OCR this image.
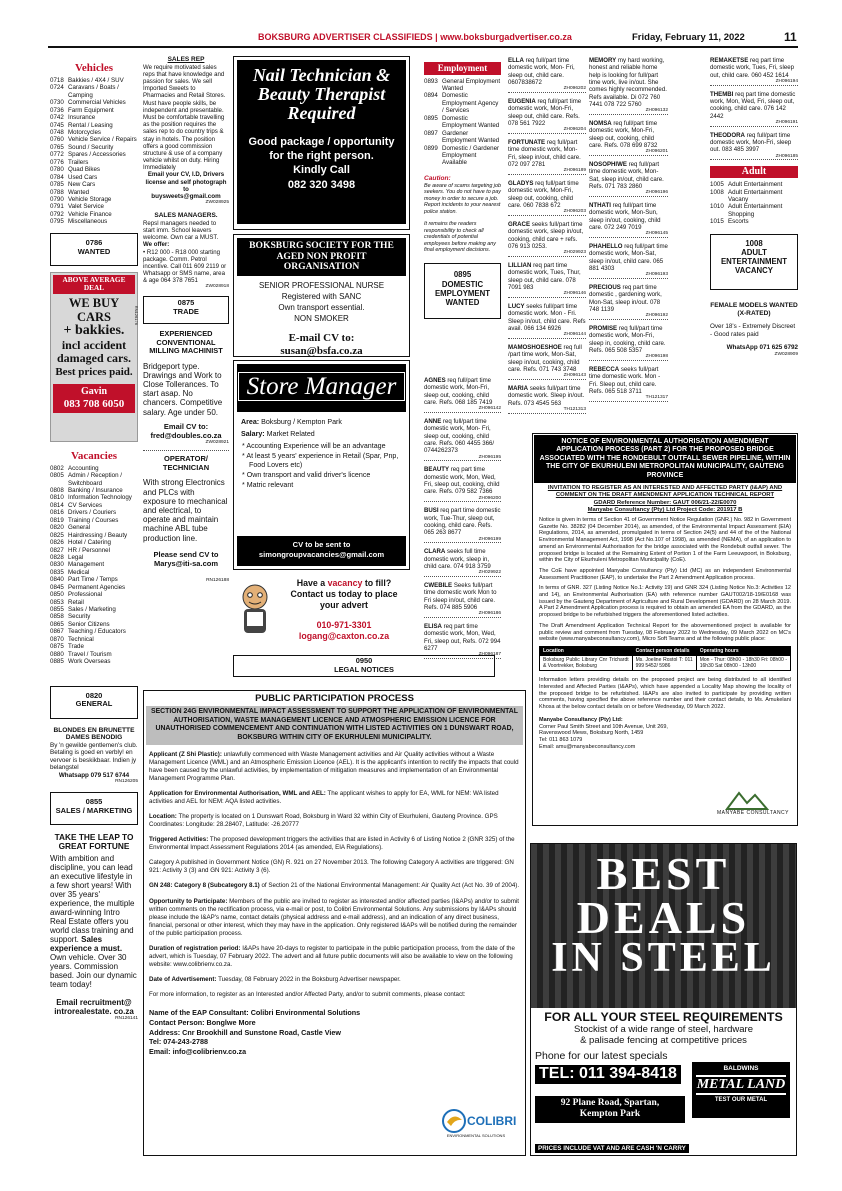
BOKSBURG ADVERTISER CLASSIFIEDS | www.boksburgadvertiser.co.za	Friday, February 11, 2022	11
Vehicles
0718 Bakkies / 4X4 / SUV
0724 Caravans / Boats / Camping
0730 Commercial Vehicles
0736 Farm Equipment
0742 Insurance
0745 Rental / Leasing
0748 Motorcycles
0760 Vehicle Service / Repairs
0765 Sound / Security
0772 Spares / Accessories
0776 Trailers
0780 Quad Bikes
0784 Used Cars
0785 New Cars
0788 Wanted
0790 Vehicle Storage
0791 Valet Service
0792 Vehicle Finance
0795 Miscellaneous
0786
WANTED
ABOVE AVERAGE DEAL
WE BUY CARS
+ bakkies.
incl accident
damaged cars.
Best prices paid.
Gavin
083 708 6050
RN126176
Vacancies
0802 Accounting
0805 Admin / Reception / Switchboard
0808 Banking / Insurance
0810 Information Technology
0814 CV Services
0816 Drivers / Couriers
0819 Training / Courses
0820 General
0825 Hairdressing / Beauty
0826 Hotel / Catering
0827 HR / Personnel
0828 Legal
0830 Management
0835 Medical
0840 Part Time / Temps
0845 Permanent Agencies
0850 Professional
0853 Retail
0855 Sales / Marketing
0858 Security
0865 Senior Citizens
0867 Teaching / Educators
0870 Technical
0875 Trade
0880 Travel / Tourism
0885 Work Overseas
0820
GENERAL
BLONDES EN BRUNETTE DAMES BENODIG
By 'n gewilde gentlemen's club. Betaling is goed en verbly! en vervoer is beskikbaar. Indien jy belangstel
Whatsapp 079 517 6744
RN126205
0855
SALES / MARKETING
TAKE THE LEAP TO GREAT FORTUNE
With ambition and discipline, you can lead an executive lifestyle in a few short years! With over 35 years' experience, the multiple award-winning Intro Real Estate offers you world class training and support. Sales experience a must. Own vehicle. Over 30 years. Commission based. Join our dynamic team today!
Email recruitment@ introrealestate. co.za
RN126141
SALES REP
We require motivated sales reps that have knowledge and passion for sales. We sell Imported Sweets to Pharmacies and Retail Stores. Must have people skills, be independent and presentable. Must be comfortable travelling as the position requires the sales rep to do country trips & stay in hotels. The position offers a good commission structure & use of a company vehicle whilst on duty. Hiring Immediately
Email your CV, I.D, Drivers license and self photograph to
buysweets@gmail.com
ZW028925
SALES MANAGERS.
Repsl managers needed to start imm. School leavers welcome. Own car a MUST.
We offer:
• R12 000 - R18 000 starting package. Comm. Petrol incentive. Call 011 609 2119 or Whatsapp or SMS name, area & age 064 378 7651
ZW028918
0875
TRADE
EXPERIENCED CONVENTIONAL MILLING MACHINIST
Bridgeport type. Drawings and Work to Close Tollerances. To start asap. No chancers. Competitive salary. Age under 50.
Email CV to:
fred@doubles.co.za
ZW028921
OPERATOR/ TECHNICIAN
With strong Electronics and PLCs with exposure to mechanical and electrical, to operate and maintain machine ABL tube production line.
Please send CV to
Marys@iti-sa.com
RN126188
Nail Technician & Beauty Therapist Required
Good package / opportunity
for the right person.
Kindly Call
082 320 3498
BOKSBURG SOCIETY FOR THE AGED NON PROFIT ORGANISATION
SENIOR PROFESSIONAL NURSE
Registered with SANC
Own transport essential.
NON SMOKER
E-mail CV to:
susan@bsfa.co.za
Store Manager
Area: Boksburg / Kempton Park
Salary: Market Related
* Accounting Experience will be an advantage
* At least 5 years' experience in Retail (Spar, Pnp, Food Lovers etc)
* Own transport and valid driver's licence
* Matric relevant
CV to be sent to
simongroupvacancies@gmail.com
Have a vacancy to fill?
Contact us today to place
your advert
010-971-3301
logang@caxton.co.za
Employment
0893 General Employment Wanted
0894 Domestic Employment Agency / Services
0895 Domestic Employment Wanted
0897 Gardener Employment Wanted
0899 Domestic / Gardener Employment Available
Caution:
Be aware of scams targeting job seekers. You do not have to pay money in order to secure a job. Report incidents to your nearest police station.
It remains the readers responsibility to check all credentials of potential employees before making any final employment decisions.
0895
DOMESTIC EMPLOYMENT WANTED
AGNES req full/part time domestic work, Mon-Fri, sleep out, cooking, child care. Refs. 068 185 7419
ZH096142
ANNE req full/part time domestic work, Mon- Fri, sleep out, cooking, child care. Refs. 060 4455 366/ 0744262373
ZH096195
BEAUTY req part time domestic work, Mon, Wed, Fri, sleep out, cooking, child care. Refs. 079 582 7366
ZH096200
BUSI req part time domestic work, Tue-Thur, sleep out, cooking, child care. Refs. 065 263 8677
ZH096199
CLARA seeks full time domestic work, sleep in, child care. 074 918 3759
ZH029922
CWEBILE Seeks full/part time domestic work Mon to Fri sleep in/out, child care. Refs. 074 885 5906
ZH096186
ELISA req part time domestic work, Mon, Wed, Fri, sleep out, Refs. 072 994 6277
ZH096187
ELLA req full/part time domestic work, Mon- Fri, sleep out, child care. 0607838672
ZH096202
EUGENIA req full/part time domestic work, Mon-Fri, sleep out, child care. Refs. 078 561 7922
ZH096204
FORTUNATE req full/part time domestic work, Mon-Fri, sleep in/out, child care. 072 097 2781
ZH096189
GLADYS req full/part time domestic work, Mon-Fri, sleep out, cooking, child care. 060 7838 672
ZH096203
GRACE seeks full/part time domestic work, sleep in/out, cooking, child care + refs. 076 913 0253.
ZH029923
LILLIAN req part time domestic work, Tues, Thur, sleep out, child care. 078 7091 983
ZH096146
LUCY seeks full/part time domestic work. Mon - Fri. Sleep in/out, child care. Refs avail. 066 134 6926
ZH096144
MAMOSHOESHOE req full /part time work, Mon-Sat, sleep in/out, cooking, child care. Refs. 071 743 3748
ZH096143
MARIA seeks full/part time domestic work. Sleep in/out. Refs. 073 4545 563
TH121313
MEMORY my hard working, honest and reliable home help is looking for full/part time work, live in/out. She comes highly recommended. Refs available. Di 072 760 7441 078 722 5760
ZH096132
NOMSA req full/part time domestic work, Mon-Fri, sleep out, cooking, child care. Refs. 078 699 8732
ZH096201
NOSOPHIWE req full/part time domestic work, Mon-Sat, sleep in/out, child care. Refs. 071 783 2860
ZH096196
NTHATI req full/part time domestic work, Mon-Sun, sleep in/out, cooking, child care. 072 249 7019
ZH096145
PHAHELLO req full/part time domestic work, Mon-Sat, sleep in/out, child care. 065 881 4303
ZH096193
PRECIOUS req part time domestic , gardening work, Mon-Sat, sleep in/out. 078 748 1139
ZH096192
PROMISE req full/part time domestic work, Mon-Fri, sleep in, cooking, child care. Refs. 065 508 5357
ZH096198
REBECCA seeks full/part time domestic work. Mon - Fri. Sleep out, child care. Refs. 065 518 3711
TH121317
REMAKETSE req part time domestic work, Tues, Fri, sleep out, child care. 060 452 1614
ZH096194
THEMBI req part time domestic work, Mon, Wed, Fri, sleep out, cooking, child care. 076 142 2442
ZH096191
THEODORA req full/part time domestic work, Mon-Fri, sleep out. 083 485 3997
ZH096185
Adult
1005 Adult Entertainment
1008 Adult Entertainment Vacany
1010 Adult Entertainment Shopping
1015 Escorts
1008
ADULT ENTERTAINMENT VACANCY
FEMALE MODELS WANTED (X-RATED)
Over 18's - Extremely Discreet - Good rates paid
WhatsApp 071 625 6792
ZW028909
0950
LEGAL NOTICES
PUBLIC PARTICIPATION PROCESS
SECTION 24G ENVIRONMENTAL IMPACT ASSESSMENT TO SUPPORT THE APPLICATION OF ENVIRONMENTAL AUTHORISATION, WASTE MANAGEMENT LICENCE AND ATMOSPHERIC EMISSION LICENCE FOR UNAUTHORISED COMMENCEMENT AND CONTINUATION WITH LISTED ACTIVITIES ON 1 DUNSWART ROAD, BOKSBURG WITHIN CITY OF EKURHULENI MUNICIPALITY.
Applicant (Z Shi Plastic): unlawfully commenced with Waste Management activities and Air Quality activities without a Waste Management Licence (WML) and an Atmospheric Emission Licence (AEL). It is the applicant's intention to rectify the impacts that could have been caused by the unlawful activities, by implementation of mitigation measures and implementation of an Environmental Management Programme Plan.
Application for Environmental Authorisation, WML and AEL: The applicant wishes to apply for EA, WML for NEM: WA listed activities and AEL for NEM: AQA listed activities.
Location: The property is located on 1 Dunswart Road, Boksburg in Ward 32 within City of Ekurhuleni, Gauteng Province. GPS Coordinates: Longitude: 28.28407, Latitude: -26.20777
Triggered Activities: The proposed development triggers the activities that are listed in Activity 6 of Listing Notice 2 (GNR 325) of the Environmental Impact Assessment Regulations 2014 (as amended, EIA Regulations).
Category A published in Government Notice (GN) R. 921 on 27 November 2013. The following Category A activities are triggered: GN 921: Activity 3 (3) and GN 921: Activity 3 (6).
GN 248: Category 8 (Subcategory 8.1) of Section 21 of the National Environmental Management: Air Quality Act (Act No. 39 of 2004).
Opportunity to Participate: Members of the public are invited to register as interested and/or affected parties (I&APs) and/or to submit written comments on the rectification process, via e-mail or post, to Colibri Environmental Solutions. Any submissions by I&APs should please include the I&AP's name, contact details (physical address and e-mail address), and an indication of any direct business, financial, personal or other interest, which they may have in the application. Only registered I&APs will be notified during the remainder of the public participation process.
Duration of registration period: I&APs have 20-days to register to participate in the public participation process, from the date of the advert, which is Tuesday, 07 February 2022. The advert and all future public documents will also be available to view on the following website: www.colibrienv.co.za.
Date of Advertisement: Tuesday, 08 February 2022 in the Boksburg Advertiser newspaper.
For more information, to register as an Interested and/or Affected Party, and/or to submit comments, please contact:
Name of the EAP Consultant: Colibri Environmental Solutions
Contact Person: Bonglwe More
Address: Cnr Brookhill and Sunstone Road, Castle View
Tel: 074-243-2788
Email: info@colibrienv.co.za
COLIBRI
ENVIRONMENTAL SOLUTIONS
NOTICE OF ENVIRONMENTAL AUTHORISATION AMENDMENT APPLICATION PROCESS (PART 2) FOR THE PROPOSED BRIDGE ASSOCIATED WITH THE RONDEBULT OUTFALL SEWER PIPELINE, WITHIN THE CITY OF EKURHULENI METROPOLITAN MUNICIPALITY, GAUTENG PROVINCE
INVITATION TO REGISTER AS AN INTERESTED AND AFFECTED PARTY (I&AP) AND COMMENT ON THE DRAFT AMENDMENT APPLICATION TECHNICAL REPORT
GDARD Reference Number: GAUT 006/21-22/E0070
Manyabe Consultancy (Pty) Ltd Project Code: 201917 B
Notice is given in terms of Section 41 of Government Notice Regulation (GNR.) No. 982 in Government Gazette No. 38282 (04 December 2014), as amended, of the Environmental Impact Assessment (EIA) Regulations, 2014, as amended, promulgated in terms of Section 24(5) and 44 of the of the National Environmental Management Act, 1998 (Act No.107 of 1998), as amended (NEMA), of an application to amend an Environmental Authorisation for the bridge associated with the Rondebult outfall sewer. The proposed bridge is located at the Remaining Extent of Portion 1 of the Farm Leeuwpoort, in Boksburg, within the City of Ekurhuleni Metropolitan Municipality (CoE).
The CoE have appointed Manyabe Consultancy (Pty) Ltd (MC) as an independent Environmental Assessment Practitioner (EAP), to undertake the Part 2 Amendment Application process.
In terms of GNR. 327 (Listing Notice No.1: Activity 19) and GNR 324 (Listing Notice No.3: Activities 12 and 14), an Environmental Authorisation (EA) with reference number GAUT002/18-19/E0168 was issued by the Gauteng Department of Agriculture and Rural Development (GDARD) on 28 March 2019. A Part 2 Amendment Application process is required to obtain an amended EA from the GDARD, as the proposed bridge to be refurbished triggers the aforementioned listed activities.
The Draft Amendment Application Technical Report for the abovementioned project is available for public review and comment from Tuesday, 08 February 2022 to Wednesday, 09 March 2022 on MC's website (www.manyabeconsultancy.com), Micro Soft Teams and at the following public place:
Location	Contact person details	Operating hours
Boksburg Public Library Cnr Trichardt & Voortrekker, Boksburg	Ms. Joeline Rostol T: 011 999 5452/ 5986	Mon - Thur: 08h00 - 18h30 Fri: 08h00 - 16h30 Sat 08h00 - 13h00
Information letters providing details on the proposed project are being distributed to all identified Interested and Affected Parties (I&APs), which have appended a Locality Map showing the locality of the proposed bridge to be refurbished. I&APs are also invited to participate by providing written comments, having specified the above reference number and their contact details, to Ms. Amukelani Khosa at the below contact details on or before Wednesday, 09 March 2022.
Manyabe Consultancy (Pty) Ltd:
Corner Paul Smith Street and 10th Avenue, Unit 269,
Ravenswood Mews, Boksburg North, 1459
Tel: 011 863 1079
Email: amu@manyabeconsultancy.com
MANYABE CONSULTANCY
BEST
DEALS
IN STEEL
FOR ALL YOUR STEEL REQUIREMENTS
Stockist of a wide range of steel, hardware
& palisade fencing at competitive prices
Phone for our latest specials
TEL: 011 394-8418
92 Plane Road, Spartan,
Kempton Park
BALDWINS
METAL LAND
TEST OUR METAL
PRICES INCLUDE VAT AND ARE CASH 'N CARRY
